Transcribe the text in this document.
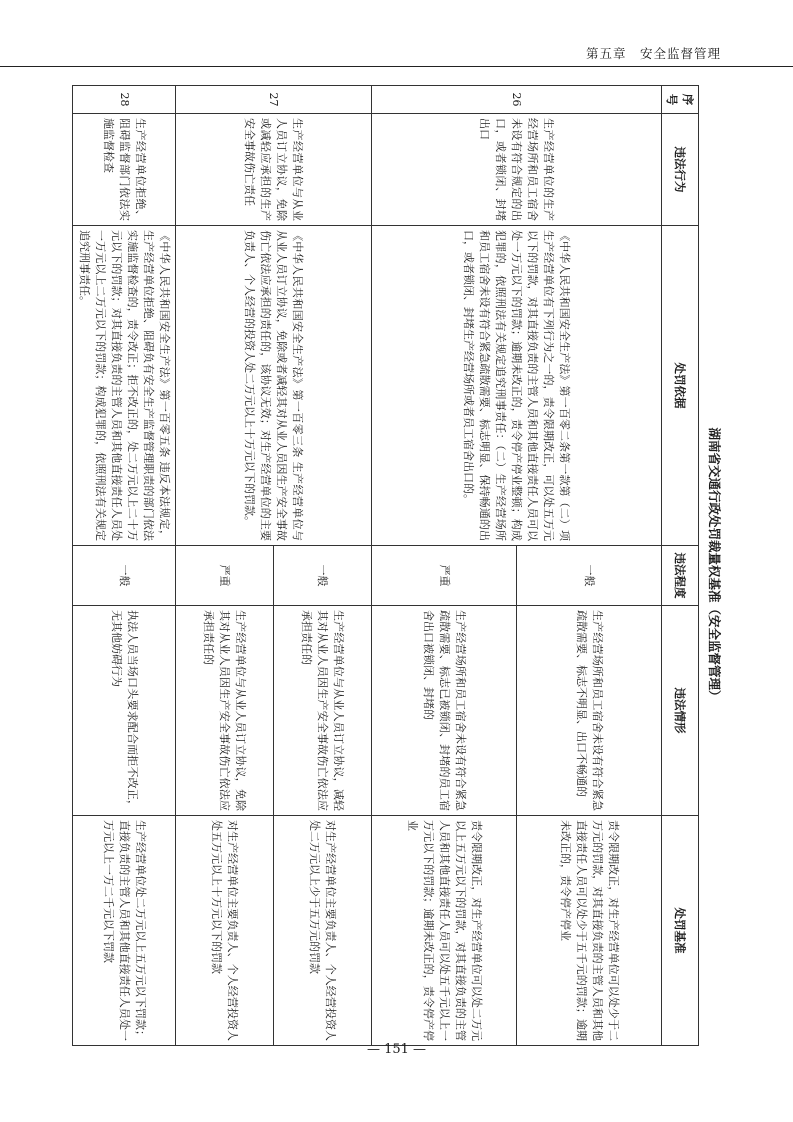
第五章　安全监督管理
湖南省交通行政处罚裁量权基准（安全监督管理）
序号	违法行为	处罚依据	违法程度	违法情形	处罚基准
26	生产经营单位的生产经营场所和员工宿舍未设有符合规定的出口，或者锁闭、封堵出口	《中华人民共和国安全生产法》第一百零二条第一款第（二）项 生产经营单位有下列行为之一的，责令限期改正，可以处五万元以下的罚款，对其直接负责的主管人员和其他直接责任人员可以处一万元以下的罚款；逾期未改正的，责令停产停业整顿；构成犯罪的，依照刑法有关规定追究刑事责任：（二）生产经营场所和员工宿舍未设有符合紧急疏散需要、标志明显、保持畅通的出口，或者锁闭、封堵生产经营场所或者员工宿舍出口的。	一般	生产经营场所和员工宿舍未设有符合紧急疏散需要、标志不明显、出口不畅通的	责令限期改正，对生产经营单位可以处少于二万元的罚款，对其直接负责的主管人员和其他直接责任人员可以处少于五千元的罚款；逾期未改正的，责令停产停业
			严重	生产经营场所和员工宿舍未设有符合紧急疏散需要、标志已被锁闭、封堵的员工宿舍出口被锁闭、封堵的	责令限期改正，对生产经营单位可以处二万元以上五万元以下的罚款，对其直接负责的主管人员和其他直接责任人员可以处五千元以上一万元以下的罚款；逾期未改正的，责令停产停业
27	生产经营单位与从业人员订立协议，免除或减轻应承担的生产安全事故伤亡责任	《中华人民共和国安全生产法》第一百零三条 生产经营单位与从业人员订立协议，免除或者减轻其对从业人员因生产安全事故伤亡依法应承担的责任的，该协议无效；对生产经营单位的主要负责人、个人经营的投资人处二万元以上十万元以下的罚款。	一般	生产经营单位与从业人员订立协议，减轻其对从业人员因生产安全事故伤亡依法应承担责任的	对生产经营单位主要负责人、个人经营投资人处二万元以上少于五万元的罚款
			严重	生产经营单位与从业人员订立协议，免除其对从业人员因生产安全事故伤亡依法应承担责任的	对生产经营单位主要负责人、个人经营投资人处五万元以上十万元以下的罚款
28	生产经营单位拒绝、阻碍监督部门依法实施监督检查	《中华人民共和国安全生产法》第一百零五条 违反本法规定，生产经营单位拒绝、阻碍负有安全生产监督管理职责的部门依法实施监督检查的，责令改正；拒不改正的，处二万元以上二十万元以下的罚款；对其直接负责的主管人员和其他直接责任人员处一万元以上二万元以下的罚款；构成犯罪的，依照刑法有关规定追究刑事责任。	一般	执法人员当场口头要求配合而拒不改正，无其他妨碍行为	生产经营单位处二万元以上五万元以下罚款；直接负责的主管人员和其他直接责任人员处一万元以上一万二千元以下罚款
— 151 —
